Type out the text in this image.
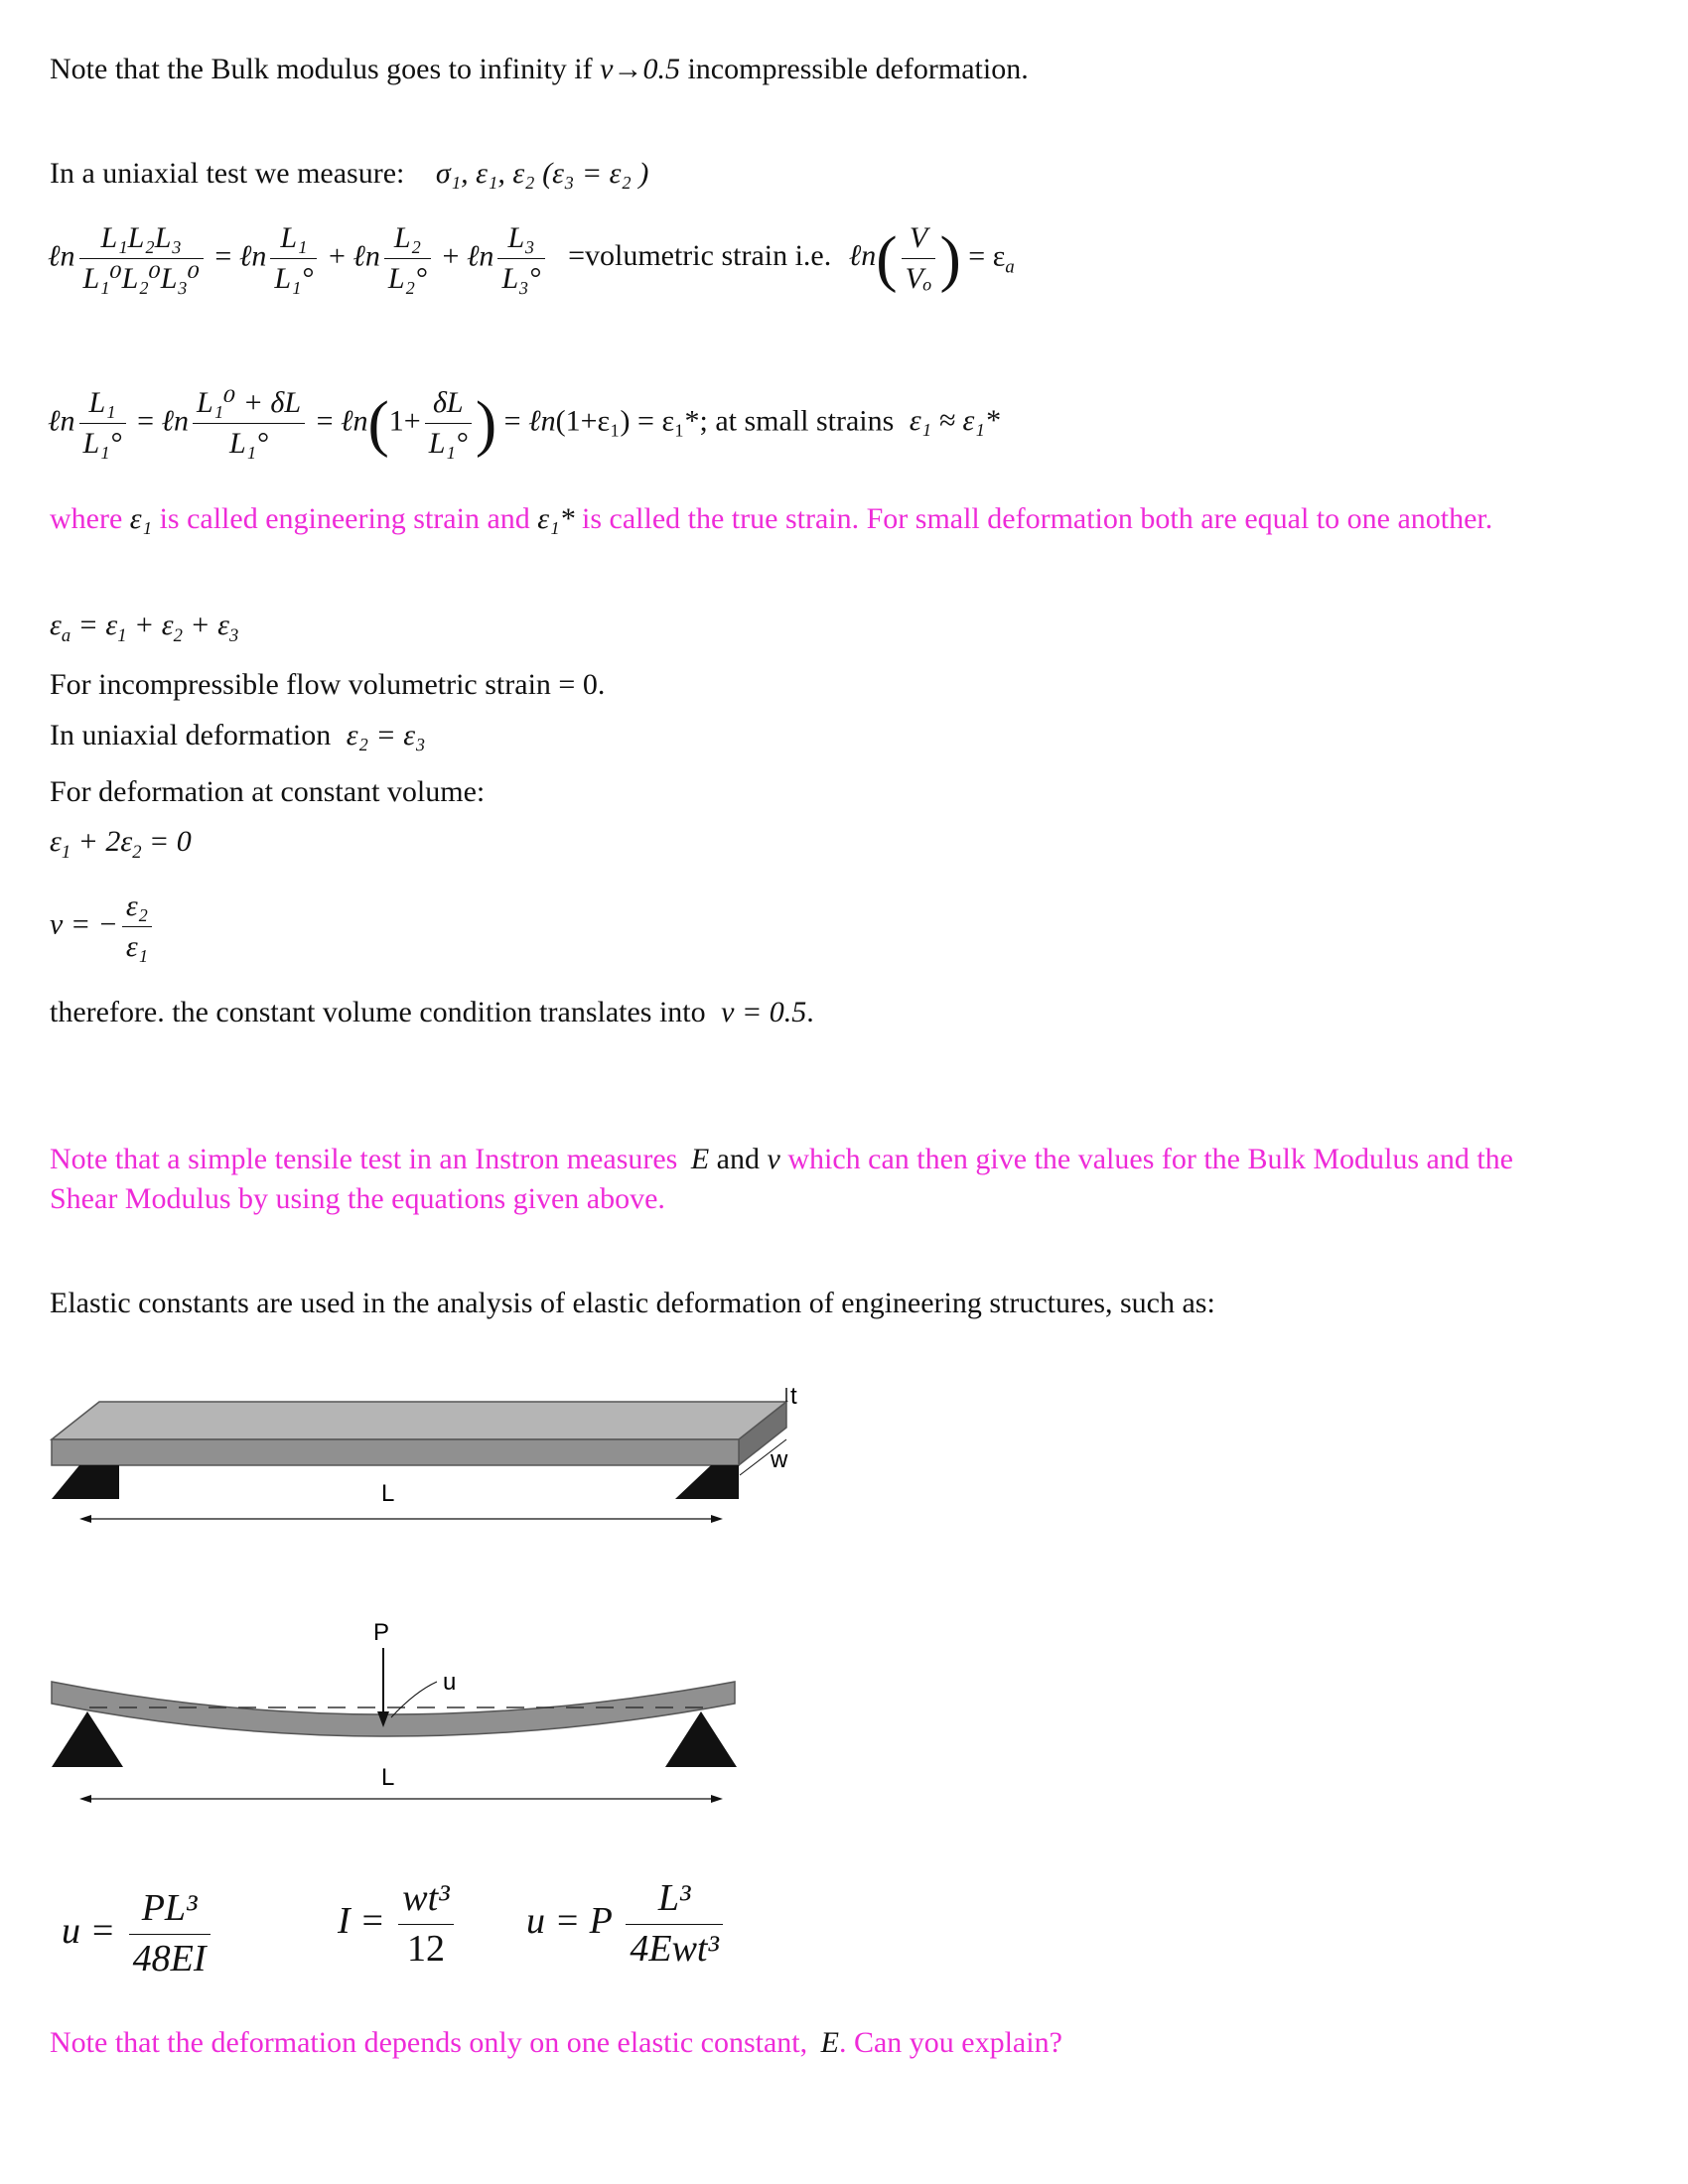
Note that the Bulk modulus goes to infinity if ν→0.5 incompressible deformation.
In a uniaxial test we measure: σ₁, ε₁, ε₂ (ε₃ = ε₂ )
ℓn $\frac{\text{L₁L₂L₃}}{\text{L₁⁰L₂⁰L₃⁰}}$ = ℓn $\frac{\text{L₁}}{\text{L₁°}}$ + ℓn $\frac{\text{L₂}}{\text{L₂°}}$ + ℓn $\frac{\text{L₃}}{\text{L₃°}}$ =volumetric strain i.e. ℓn( $\frac{V}{\text{Vₒ}}$ ) = $\varepsilon_a$
ℓn $\frac{\text{L₁}}{\text{L₁°}}$ = ℓn $\frac{\text{L₁⁰ + δL}}{\text{L₁°}}$ = ℓn(1+ $\frac{\delta L}{\text{L₁°}}$ ) = ℓn(1+ε₁) = ε₁*; at small strains ε₁ ≈ ε₁*
where ε₁ is called engineering strain and ε₁* is called the true strain. For small deformation both are equal to one another.
$\varepsilon_a = \varepsilon_1 + \varepsilon_2 + \varepsilon_3$
For incompressible flow volumetric strain = 0.
In uniaxial deformation ε₂ = ε₃
For deformation at constant volume:
$\varepsilon_1 + 2\varepsilon_2 = 0$
ν = − $\frac{\text{ε₂}}{\text{ε₁}}$
therefore. the constant volume condition translates into ν = 0.5.
Note that a simple tensile test in an Instron measures E and ν which can then give the values for the Bulk Modulus and the
Shear Modulus by using the equations given above.
Elastic constants are used in the analysis of elastic deformation of engineering structures, such as:
t
w
L
P
u
L
$u = \frac{\text{PL³}}{48EI}$	$I = \frac{\text{wt³}}{12}$ u = P $\frac{\text{L³}}{\text{4Ewt³}}$
Note that the deformation depends only on one elastic constant, E. Can you explain?
